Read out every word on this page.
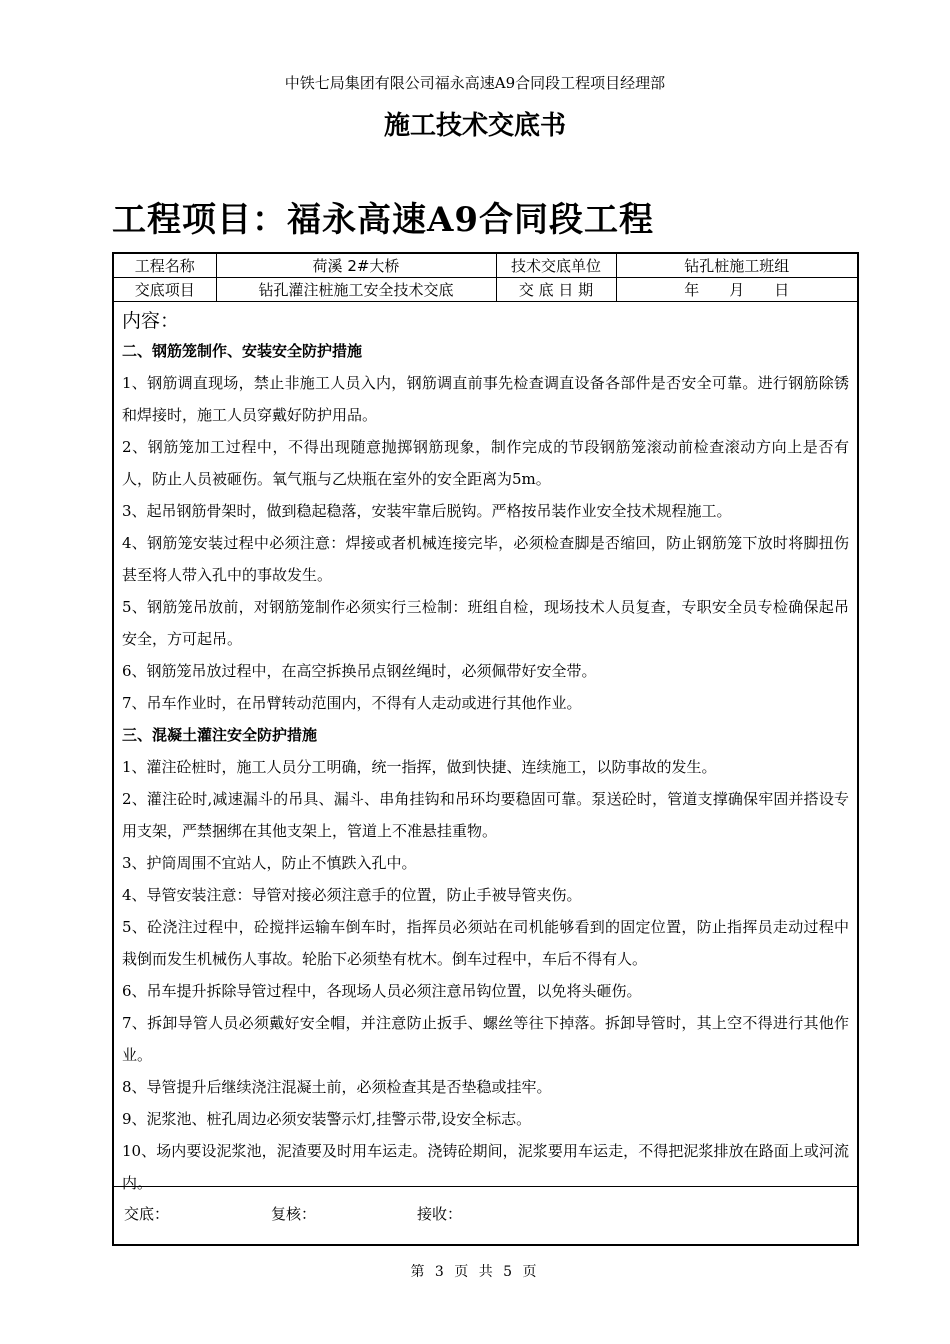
中铁七局集团有限公司福永高速A9合同段工程项目经理部
施工技术交底书
工程项目：福永高速A9合同段工程
工程名称	荷溪 2#大桥	技术交底单位	钻孔桩施工班组
交底项目	钻孔灌注桩施工安全技术交底	交 底 日 期	年　　月　　日
内容：
二、钢筋笼制作、安装安全防护措施
1、钢筋调直现场，禁止非施工人员入内，钢筋调直前事先检查调直设备各部件是否安全可靠。进行钢筋除锈和焊接时，施工人员穿戴好防护用品。
2、钢筋笼加工过程中，不得出现随意抛掷钢筋现象，制作完成的节段钢筋笼滚动前检查滚动方向上是否有人，防止人员被砸伤。氧气瓶与乙炔瓶在室外的安全距离为5m。
3、起吊钢筋骨架时，做到稳起稳落，安装牢靠后脱钩。严格按吊装作业安全技术规程施工。
4、钢筋笼安装过程中必须注意：焊接或者机械连接完毕，必须检查脚是否缩回，防止钢筋笼下放时将脚扭伤甚至将人带入孔中的事故发生。
5、钢筋笼吊放前，对钢筋笼制作必须实行三检制：班组自检，现场技术人员复查，专职安全员专检确保起吊安全，方可起吊。
6、钢筋笼吊放过程中，在高空拆换吊点钢丝绳时，必须佩带好安全带。
7、吊车作业时，在吊臂转动范围内，不得有人走动或进行其他作业。
三、混凝土灌注安全防护措施
1、灌注砼桩时，施工人员分工明确，统一指挥，做到快捷、连续施工，以防事故的发生。
2、灌注砼时,减速漏斗的吊具、漏斗、串角挂钩和吊环均要稳固可靠。泵送砼时，管道支撑确保牢固并搭设专用支架，严禁捆绑在其他支架上，管道上不准悬挂重物。
3、护筒周围不宜站人，防止不慎跌入孔中。
4、导管安装注意：导管对接必须注意手的位置，防止手被导管夹伤。
5、砼浇注过程中，砼搅拌运输车倒车时，指挥员必须站在司机能够看到的固定位置，防止指挥员走动过程中栽倒而发生机械伤人事故。轮胎下必须垫有枕木。倒车过程中，车后不得有人。
6、吊车提升拆除导管过程中，各现场人员必须注意吊钩位置，以免将头砸伤。
7、拆卸导管人员必须戴好安全帽，并注意防止扳手、螺丝等往下掉落。拆卸导管时，其上空不得进行其他作业。
8、导管提升后继续浇注混凝土前，必须检查其是否垫稳或挂牢。
9、泥浆池、桩孔周边必须安装警示灯,挂警示带,设安全标志。
10、场内要设泥浆池，泥渣要及时用车运走。浇铸砼期间，泥浆要用车运走，不得把泥浆排放在路面上或河流内。
交底：	复核：	接收：
第 3 页 共 5 页
